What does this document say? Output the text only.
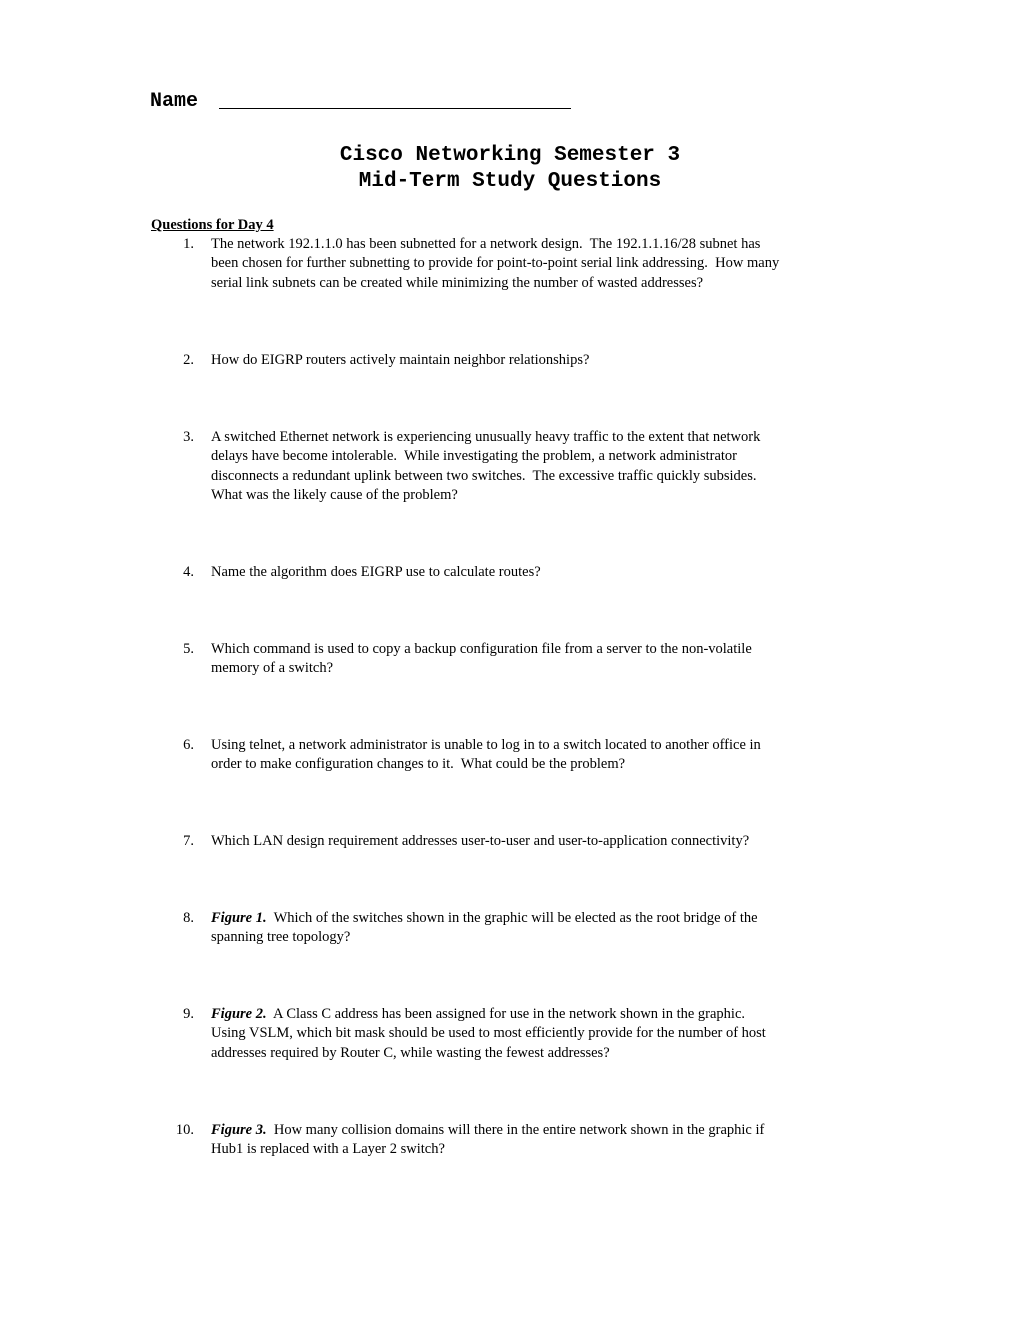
Name
Cisco Networking Semester 3
Mid-Term Study Questions
Questions for Day 4
1. The network 192.1.1.0 has been subnetted for a network design.  The 192.1.1.16/28 subnet has
been chosen for further subnetting to provide for point-to-point serial link addressing.  How many
serial link subnets can be created while minimizing the number of wasted addresses?
2. How do EIGRP routers actively maintain neighbor relationships?
3. A switched Ethernet network is experiencing unusually heavy traffic to the extent that network
delays have become intolerable.  While investigating the problem, a network administrator
disconnects a redundant uplink between two switches.  The excessive traffic quickly subsides.
What was the likely cause of the problem?
4. Name the algorithm does EIGRP use to calculate routes?
5. Which command is used to copy a backup configuration file from a server to the non-volatile
memory of a switch?
6. Using telnet, a network administrator is unable to log in to a switch located to another office in
order to make configuration changes to it.  What could be the problem?
7. Which LAN design requirement addresses user-to-user and user-to-application connectivity?
8. Figure 1.  Which of the switches shown in the graphic will be elected as the root bridge of the
spanning tree topology?
9. Figure 2.  A Class C address has been assigned for use in the network shown in the graphic.
Using VSLM, which bit mask should be used to most efficiently provide for the number of host
addresses required by Router C, while wasting the fewest addresses?
10. Figure 3.  How many collision domains will there in the entire network shown in the graphic if
Hub1 is replaced with a Layer 2 switch?
